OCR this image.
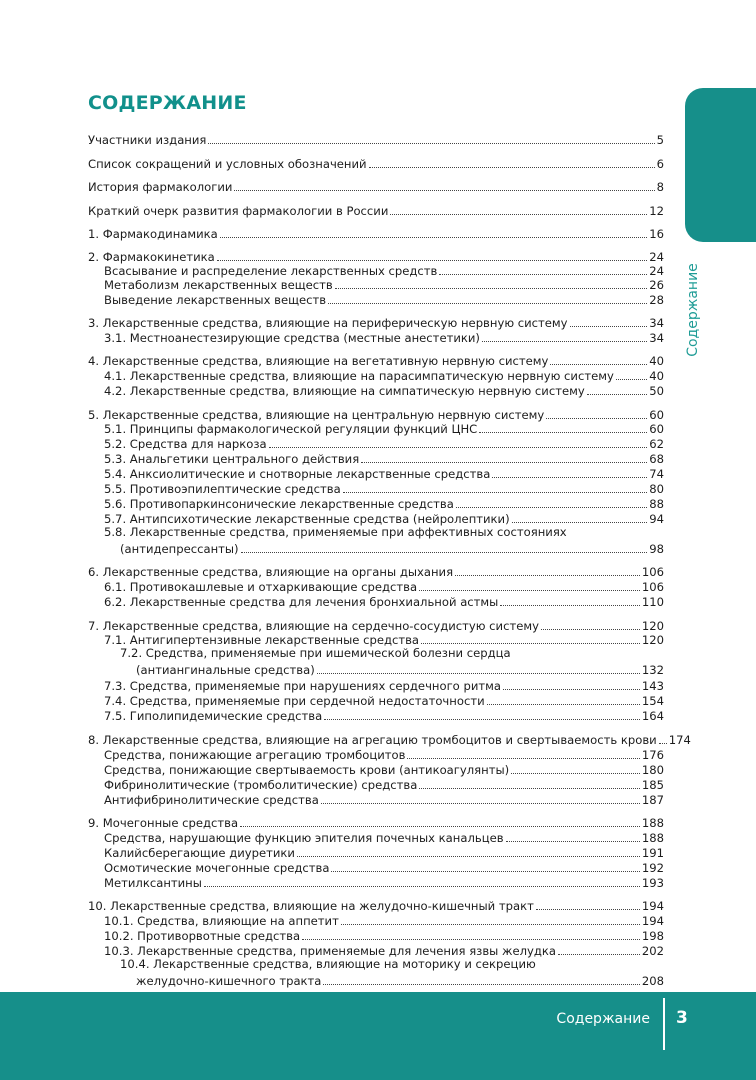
СОДЕРЖАНИЕ
Содержание
Участники издания	5
Список сокращений и условных обозначений	6
История фармакологии	8
Краткий очерк развития фармакологии в России	12
1. Фармакодинамика	16
2. Фармакокинетика	24
Всасывание и распределение лекарственных средств	24
Метаболизм лекарственных веществ	26
Выведение лекарственных веществ	28
3. Лекарственные средства, влияющие на периферическую нервную систему	34
3.1. Местноанестезирующие средства (местные анестетики)	34
4. Лекарственные средства, влияющие на вегетативную нервную систему	40
4.1. Лекарственные средства, влияющие на парасимпатическую нервную систему	40
4.2. Лекарственные средства, влияющие на симпатическую нервную систему	50
5. Лекарственные средства, влияющие на центральную нервную систему	60
5.1. Принципы фармакологической регуляции функций ЦНС	60
5.2. Средства для наркоза	62
5.3. Анальгетики центрального действия	68
5.4. Анксиолитические и снотворные лекарственные средства	74
5.5. Противоэпилептические средства	80
5.6. Противопаркинсонические лекарственные средства	88
5.7. Антипсихотические лекарственные средства (нейролептики)	94
5.8. Лекарственные средства, применяемые при аффективных состояниях
(антидепрессанты)	98
6. Лекарственные средства, влияющие на органы дыхания	106
6.1. Противокашлевые и отхаркивающие средства	106
6.2. Лекарственные средства для лечения бронхиальной астмы	110
7. Лекарственные средства, влияющие на сердечно-сосудистую систему	120
7.1. Антигипертензивные лекарственные средства	120
7.2. Средства, применяемые при ишемической болезни сердца
(антиангинальные средства)	132
7.3. Средства, применяемые при нарушениях сердечного ритма	143
7.4. Средства, применяемые при сердечной недостаточности	154
7.5. Гиполипидемические средства	164
8. Лекарственные средства, влияющие на агрегацию тромбоцитов и свертываемость крови 174
Средства, понижающие агрегацию тромбоцитов	176
Средства, понижающие свертываемость крови (антикоагулянты)	180
Фибринолитические (тромболитические) средства	185
Антифибринолитические средства	187
9. Мочегонные средства	188
Средства, нарушающие функцию эпителия почечных канальцев	188
Калийсберегающие диуретики	191
Осмотические мочегонные средства	192
Метилксантины	193
10. Лекарственные средства, влияющие на желудочно-кишечный тракт	194
10.1. Средства, влияющие на аппетит	194
10.2. Противорвотные средства	198
10.3. Лекарственные средства, применяемые для лечения язвы желудка	202
10.4. Лекарственные средства, влияющие на моторику и секрецию
желудочно-кишечного тракта	208
Содержание 3
